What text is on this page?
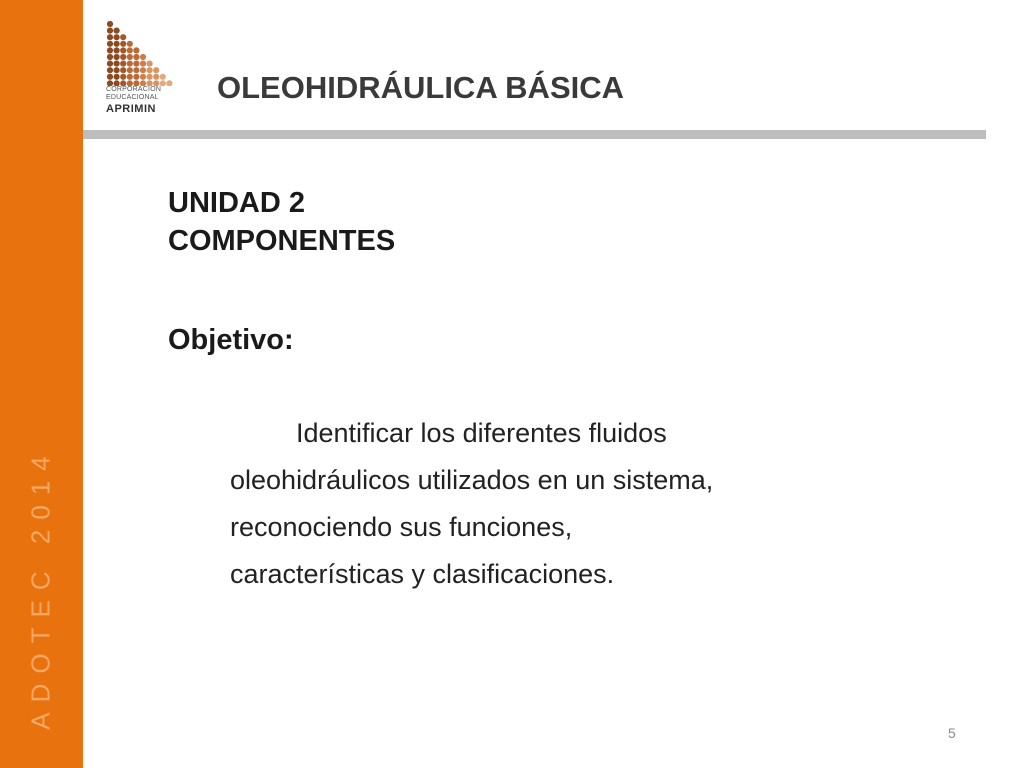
ADOTEC 2014
CORPORACION
EDUCACIONAL
APRIMIN
OLEOHIDRÁULICA BÁSICA
UNIDAD 2
COMPONENTES
Objetivo:
Identificar los diferentes fluidos
oleohidráulicos utilizados en un sistema,
reconociendo sus funciones,
características y clasificaciones.
5
